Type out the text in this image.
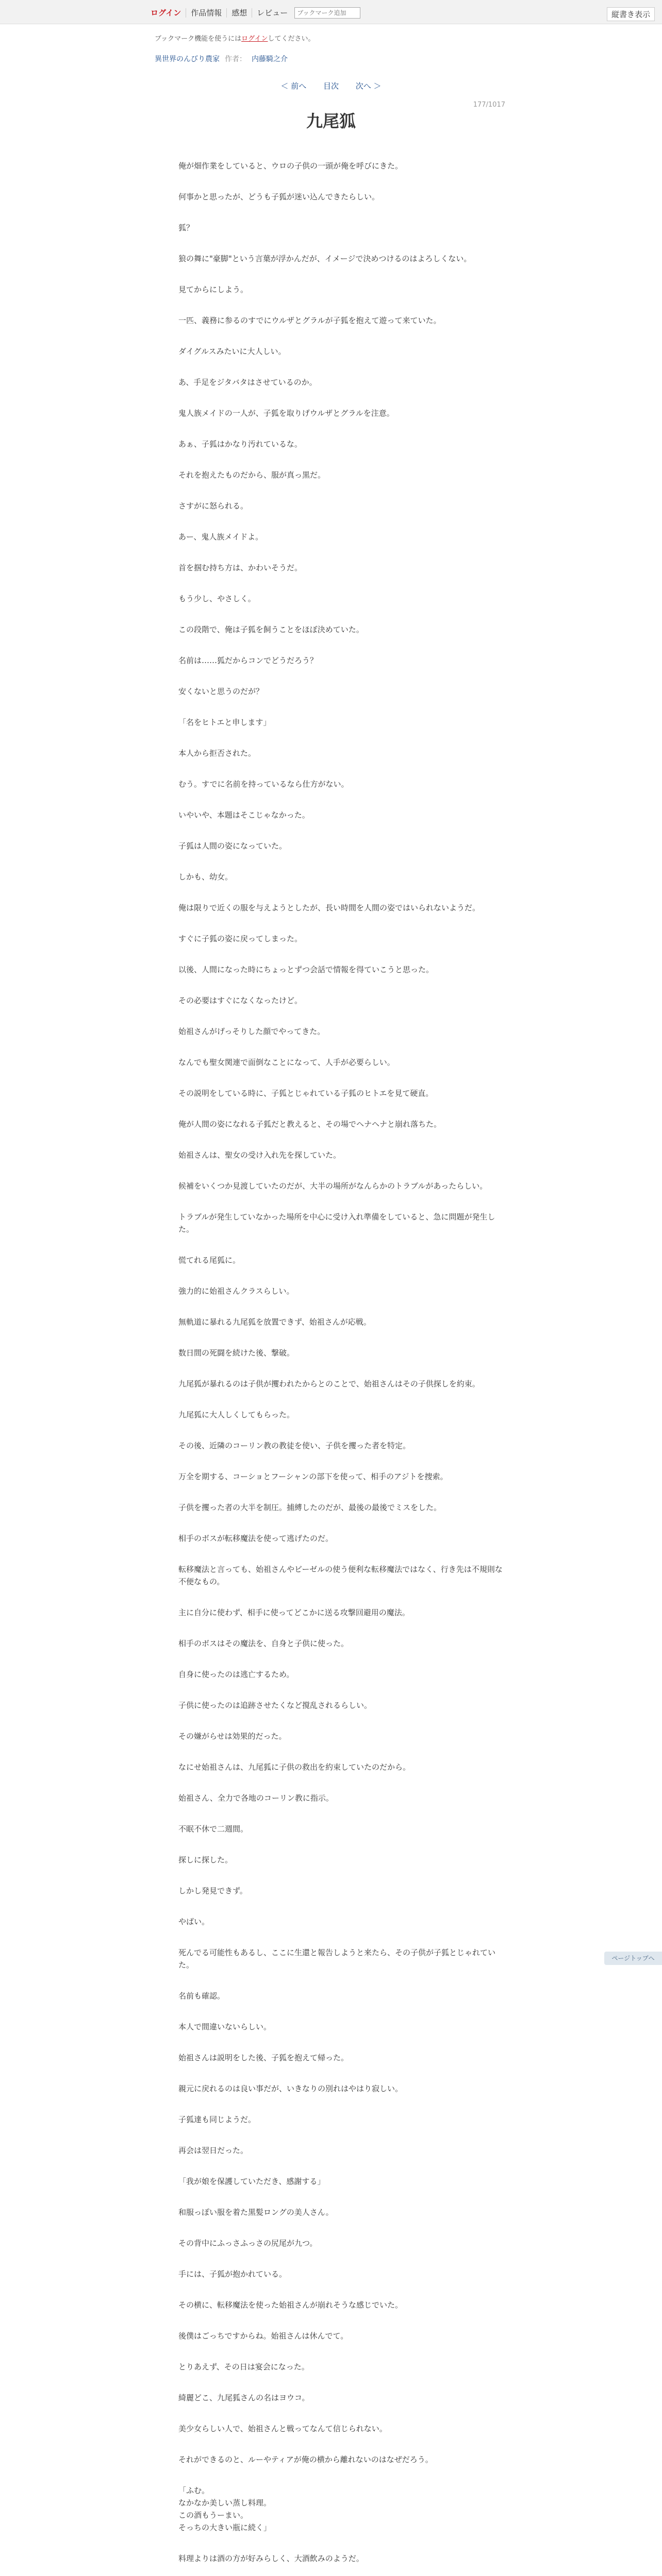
ログイン	作品情報	感想	レビュー
ブックマーク追加	縦書き表示
ブックマーク機能を使うにはログインしてください。
異世界のんびり農家 作者： 内藤騎之介
＜ 前へ 目次 次へ ＞
177/1017
九尾狐

俺が畑作業をしていると、ウロの子供の一頭が俺を呼びにきた。

何事かと思ったが、どうも子狐が迷い込んできたらしい。

狐？

狼の舞に"豪脚"という言葉が浮かんだが、イメージで決めつけるのはよろしくない。

見てからにしよう。

一匹、義務に参るのすでにウルザとグラルが子狐を抱えて遊って来ていた。

ダイグルスみたいに大人しい。

あ、手足をジタバタはさせているのか。

鬼人族メイドの一人が、子狐を取りげウルザとグラルを注意。

あぁ、子狐はかなり汚れているな。

それを抱えたものだから、服が真っ黒だ。

さすがに怒られる。

あー、鬼人族メイドよ。

首を掴む持ち方は、かわいそうだ。

もう少し、やさしく。

この段階で、俺は子狐を飼うことをほぼ決めていた。

名前は……狐だからコンでどうだろう？

安くないと思うのだが？

「名をヒトエと申します」

本人から拒否された。

むう。すでに名前を持っているなら仕方がない。

いやいや、本題はそこじゃなかった。

子狐は人間の姿になっていた。

しかも、幼女。

俺は限りで近くの服を与えようとしたが、長い時間を人間の姿ではいられないようだ。

すぐに子狐の姿に戻ってしまった。

以後、人間になった時にちょっとずつ会話で情報を得ていこうと思った。

その必要はすぐになくなったけど。

始祖さんがげっそりした顔でやってきた。

なんでも聖女関連で面倒なことになって、人手が必要らしい。

その説明をしている時に、子狐とじゃれている子狐のヒトエを見て硬直。

俺が人間の姿になれる子狐だと教えると、その場でヘナヘナと崩れ落ちた。

始祖さんは、聖女の受け入れ先を探していた。

候補をいくつか見渡していたのだが、大半の場所がなんらかのトラブルがあったらしい。

トラブルが発生していなかった場所を中心に受け入れ準備をしていると、急に問題が発生した。

慌てれる尾狐に。

強力的に始祖さんクラスらしい。

無軌道に暴れる九尾狐を放置できず、始祖さんが応戦。

数日間の死闘を続けた後、撃破。

九尾狐が暴れるのは子供が攫われたからとのことで、始祖さんはその子供探しを約束。

九尾狐に大人しくしてもらった。

その後、近隣のコーリン教の教徒を使い、子供を攫った者を特定。

万全を期する、コーショとフーシャンの部下を使って、相手のアジトを捜索。

子供を攫った者の大半を制圧。捕縛したのだが、最後の最後でミスをした。

相手のボスが転移魔法を使って逃げたのだ。

転移魔法と言っても、始祖さんやビーゼルの使う便利な転移魔法ではなく、行き先は不規則な不便なもの。

主に自分に使わず、相手に使ってどこかに送る攻撃回避用の魔法。

相手のボスはその魔法を、自身と子供に使った。

自身に使ったのは逃亡するため。

子供に使ったのは追跡させたくなど撹乱されるらしい。

その嫌がらせは効果的だった。

なにせ始祖さんは、九尾狐に子供の救出を約束していたのだから。

始祖さん、全力で各地のコーリン教に指示。

不眠不休で二週間。

探しに探した。

しかし発見できず。

やばい。

死んでる可能性もあるし、ここに生還と報告しようと来たら、その子供が子狐とじゃれていた。

名前も確認。

本人で間違いないらしい。

始祖さんは説明をした後、子狐を抱えて帰った。

親元に戻れるのは良い事だが、いきなりの別れはやはり寂しい。

子狐達も同じようだ。

再会は翌日だった。

「我が娘を保護していただき、感謝する」

和服っぽい服を着た黒髪ロングの美人さん。

その背中にふっさふっさの尻尾が九つ。

手には、子狐が抱かれている。

その横に、転移魔法を使った始祖さんが崩れそうな感じでいた。

後僕はごっちですからね。始祖さんは休んでて。

とりあえず、その日は宴会になった。

綺麗どこ、九尾狐さんの名はヨウコ。

美少女らしい人で、始祖さんと戦ってなんて信じられない。

それができるのと、ルーやティアが俺の横から離れないのはなぜだろう。

「ふむ。
なかなか美しい蒸し料理。
この酒もうーまい。
そっちの大きい瓶に続く」

料理よりは酒の方が好みらしく、大酒飲みのようだ。

ページトップへ
